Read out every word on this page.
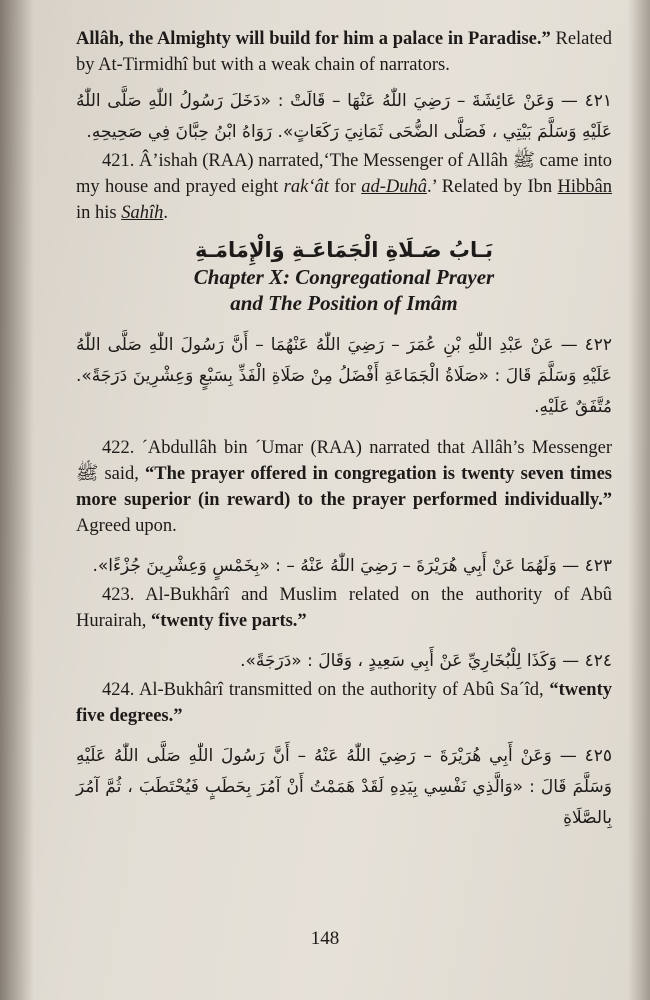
Allâh, the Almighty will build for him a palace in Paradise.” Related by At-Tirmidhî but with a weak chain of narrators.

٤٢١ — وَعَنْ عَائِشَةَ – رَضِيَ اللّٰهُ عَنْهَا – قَالَتْ : «دَخَلَ رَسُولُ اللّٰهِ صَلَّى اللّٰهُ عَلَيْهِ وَسَلَّمَ بَيْتِي ، فَصَلَّى الضُّحَى ثَمَانِيَ رَكَعَاتٍ». رَوَاهُ ابْنُ حِبَّانَ فِي صَحِيحِهِ.

421. Â’ishah (RAA) narrated,‘The Messenger of Allâh ﷺ came into my house and prayed eight rak‘ât for ad-Duhâ.’ Related by Ibn Hibbân in his Sahîh.

بَـابُ صَـلَاةِ الْجَمَاعَـةِ وَالْإِمَامَـةِ
Chapter X: Congregational Prayer
and The Position of Imâm

٤٢٢ — عَنْ عَبْدِ اللّٰهِ بْنِ عُمَرَ – رَضِيَ اللّٰهُ عَنْهُمَا – أَنَّ رَسُولَ اللّٰهِ صَلَّى اللّٰهُ عَلَيْهِ وَسَلَّمَ قَالَ : «صَلَاةُ الْجَمَاعَةِ أَفْضَلُ مِنْ صَلَاةِ الْفَذِّ بِسَبْعٍ وَعِشْرِينَ دَرَجَةً». مُتَّفَقٌ عَلَيْهِ.

422. ´Abdullâh bin ´Umar (RAA) narrated that Allâh’s Messenger ﷺ said, “The prayer offered in congregation is twenty seven times more superior (in reward) to the prayer performed individually.” Agreed upon.

٤٢٣ — وَلَهُمَا عَنْ أَبِي هُرَيْرَةَ – رَضِيَ اللّٰهُ عَنْهُ – : «بِخَمْسٍ وَعِشْرِينَ جُزْءًا».

423. Al-Bukhârî and Muslim related on the authority of Abû Hurairah, “twenty five parts.”

٤٢٤ — وَكَذَا لِلْبُخَارِيِّ عَنْ أَبِي سَعِيدٍ ، وَقَالَ : «دَرَجَةً».

424. Al-Bukhârî transmitted on the authority of Abû Sa´îd, “twenty five degrees.”

٤٢٥ — وَعَنْ أَبِي هُرَيْرَةَ – رَضِيَ اللّٰهُ عَنْهُ – أَنَّ رَسُولَ اللّٰهِ صَلَّى اللّٰهُ عَلَيْهِ وَسَلَّمَ قَالَ : «وَالَّذِي نَفْسِي بِيَدِهِ لَقَدْ هَمَمْتُ أَنْ آمُرَ بِحَطَبٍ فَيُحْتَطَبَ ، ثُمَّ آمُرَ بِالصَّلَاةِ

148
